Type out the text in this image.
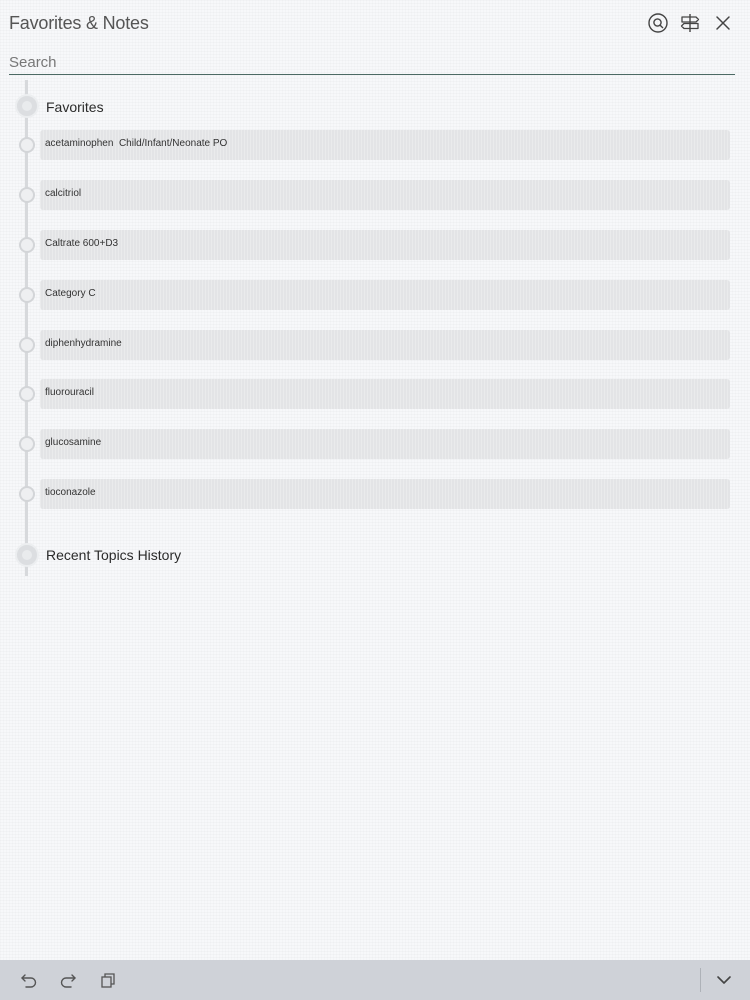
Favorites & Notes
Search
Favorites
acetaminophen  Child/Infant/Neonate PO
calcitriol
Caltrate 600+D3
Category C
diphenhydramine
fluorouracil
glucosamine
tioconazole
Recent Topics History
